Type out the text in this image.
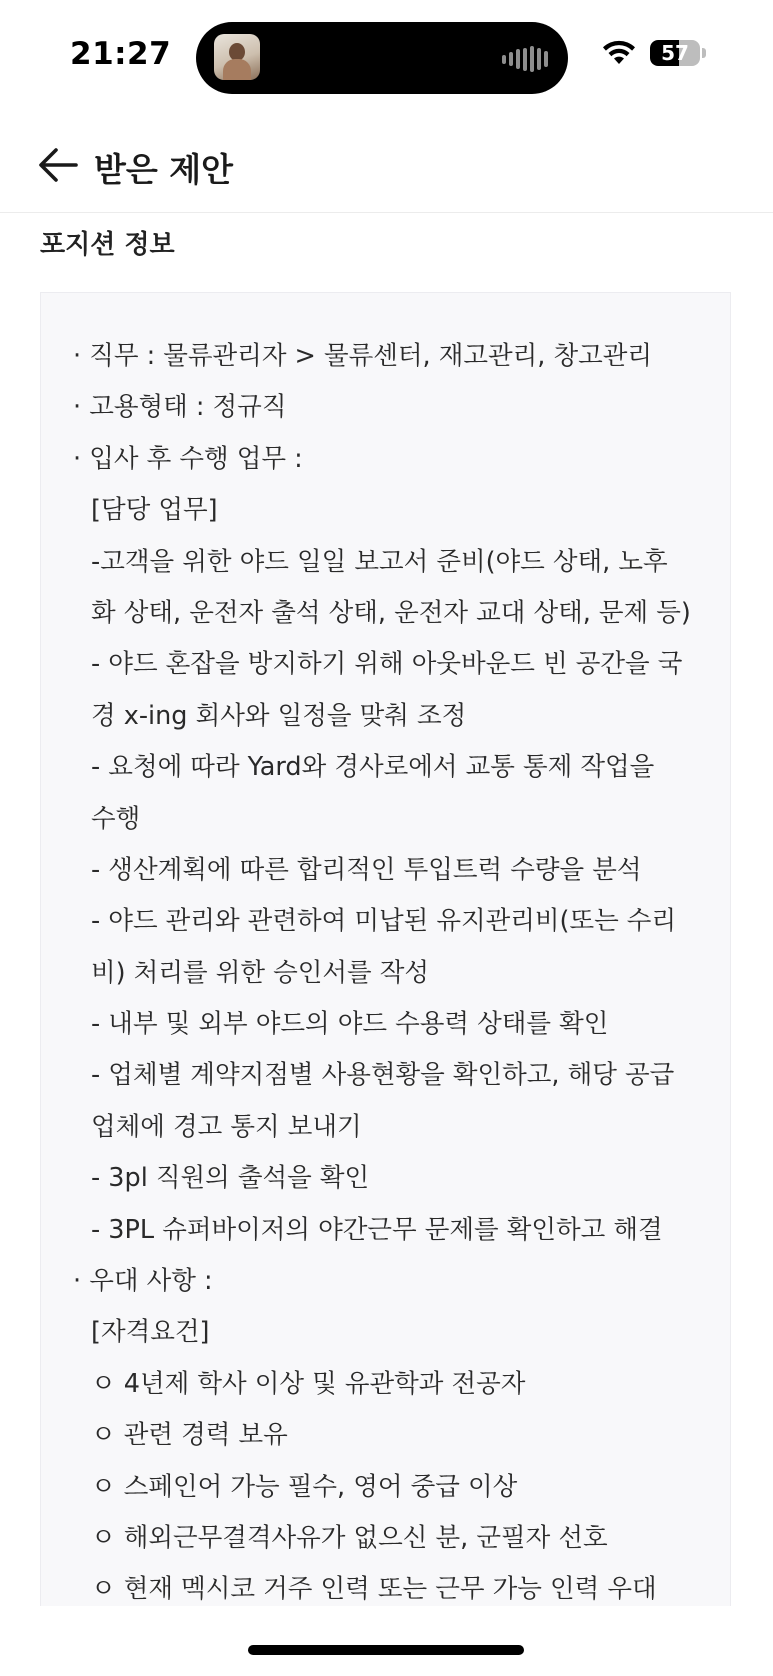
21:27	57
받은 제안
포지션 정보
· 직무 : 물류관리자 > 물류센터, 재고관리, 창고관리
· 고용형태 : 정규직
· 입사 후 수행 업무 :
[담당 업무]
-고객을 위한 야드 일일 보고서 준비(야드 상태, 노후
화 상태, 운전자 출석 상태, 운전자 교대 상태, 문제 등)
- 야드 혼잡을 방지하기 위해 아웃바운드 빈 공간을 국
경 x-ing 회사와 일정을 맞춰 조정
- 요청에 따라 Yard와 경사로에서 교통 통제 작업을
수행
- 생산계획에 따른 합리적인 투입트럭 수량을 분석
- 야드 관리와 관련하여 미납된 유지관리비(또는 수리
비) 처리를 위한 승인서를 작성
- 내부 및 외부 야드의 야드 수용력 상태를 확인
- 업체별 계약지점별 사용현황을 확인하고, 해당 공급
업체에 경고 통지 보내기
- 3pl 직원의 출석을 확인
- 3PL 슈퍼바이저의 야간근무 문제를 확인하고 해결
· 우대 사항 :
[자격요건]
ㅇ 4년제 학사 이상 및 유관학과 전공자
ㅇ 관련 경력 보유
ㅇ 스페인어 가능 필수, 영어 중급 이상
ㅇ 해외근무결격사유가 없으신 분, 군필자 선호
ㅇ 현재 멕시코 거주 인력 또는 근무 가능 인력 우대
